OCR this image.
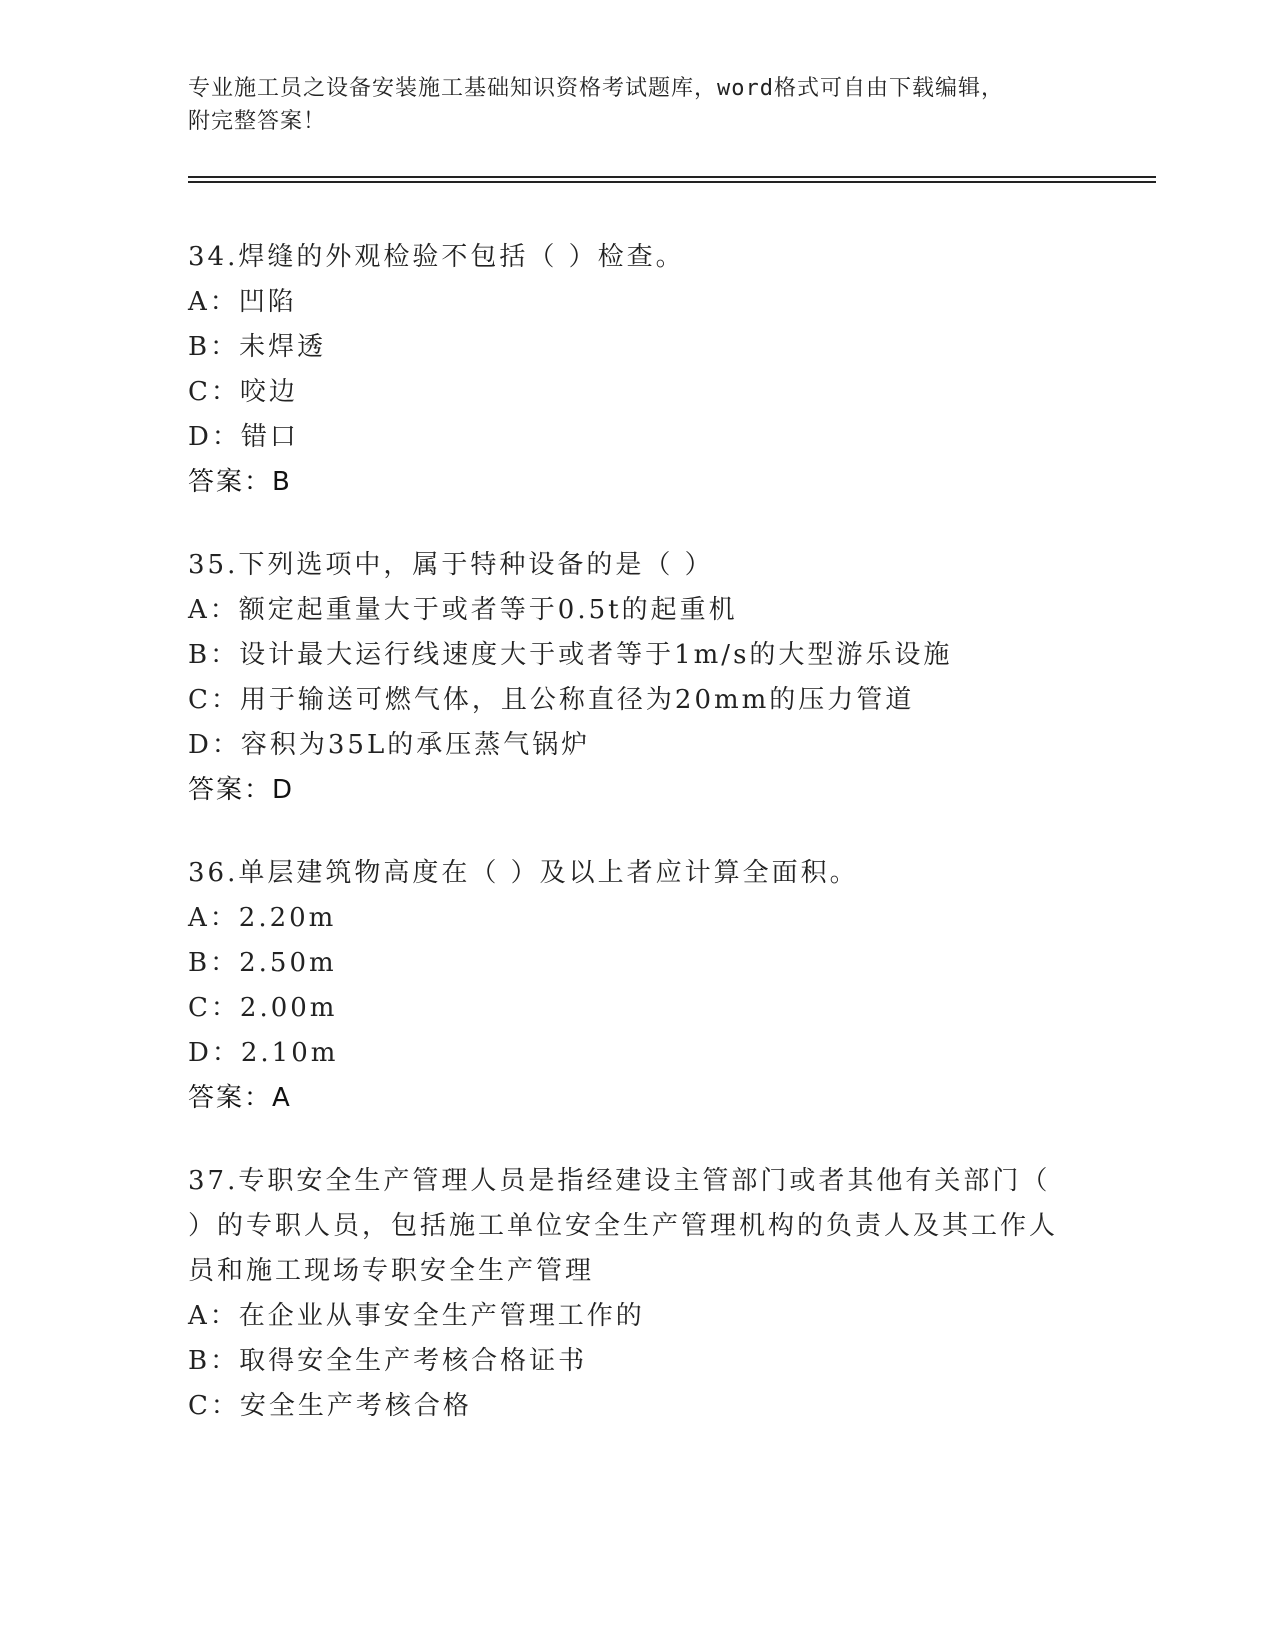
专业施工员之设备安装施工基础知识资格考试题库，word格式可自由下载编辑，
附完整答案！
34.焊缝的外观检验不包括（ ）检查。
A：凹陷
B：未焊透
C：咬边
D：错口
答案：B
35.下列选项中，属于特种设备的是（ ）
A：额定起重量大于或者等于0.5t的起重机
B：设计最大运行线速度大于或者等于1m/s的大型游乐设施
C：用于输送可燃气体，且公称直径为20mm的压力管道
D：容积为35L的承压蒸气锅炉
答案：D
36.单层建筑物高度在（ ）及以上者应计算全面积。
A：2.20m
B：2.50m
C：2.00m
D：2.10m
答案：A
37.专职安全生产管理人员是指经建设主管部门或者其他有关部门（
）的专职人员，包括施工单位安全生产管理机构的负责人及其工作人
员和施工现场专职安全生产管理
A：在企业从事安全生产管理工作的
B：取得安全生产考核合格证书
C：安全生产考核合格
